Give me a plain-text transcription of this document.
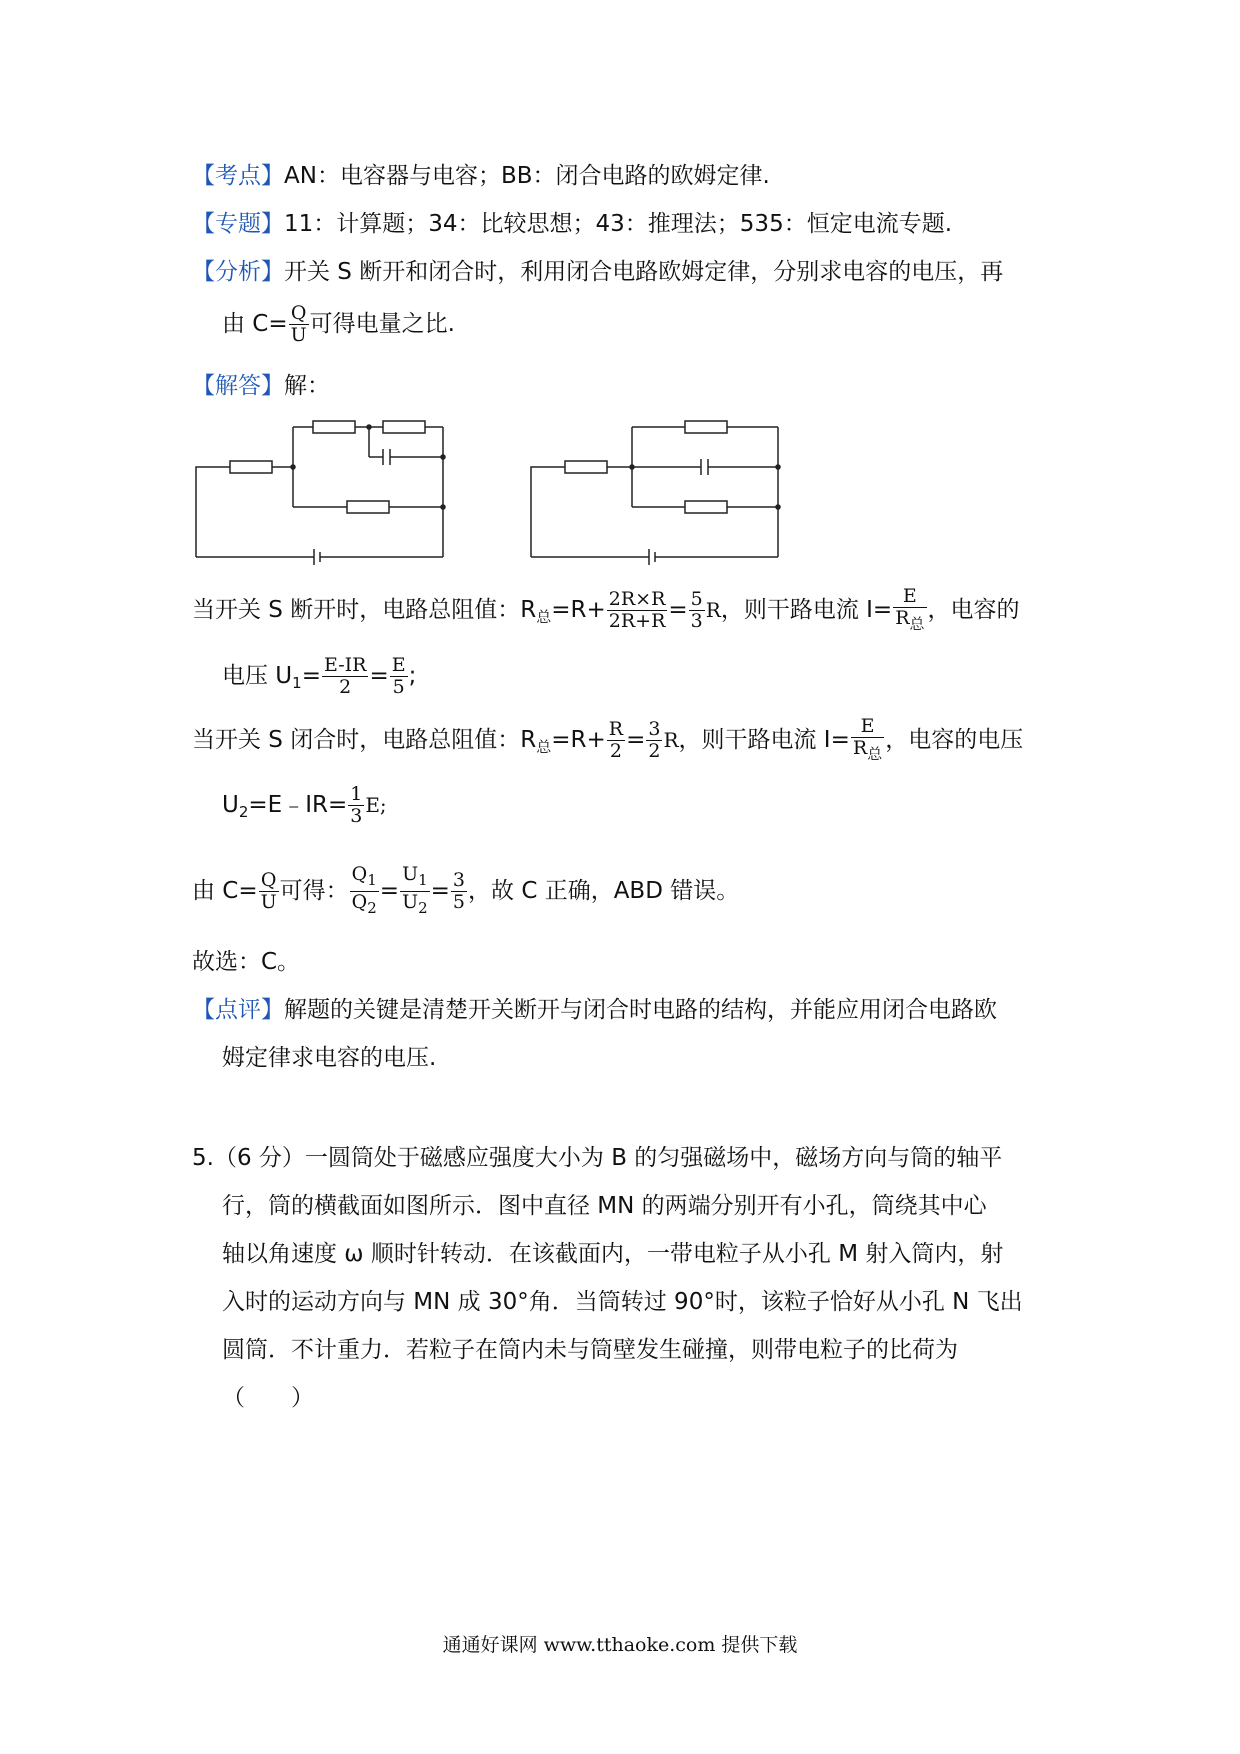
【考点】AN：电容器与电容；BB：闭合电路的欧姆定律.
【专题】11：计算题；34：比较思想；43：推理法；535：恒定电流专题.
【分析】开关 S 断开和闭合时，利用闭合电路欧姆定律，分别求电容的电压，再
由 $C= \frac{Q}{U}$ 可得电量之比.
【解答】解：
当开关 S 断开时，电路总阻值：$R_总=R+ \frac{2R\times R}{2R+R} = \frac{5}{3}$ R，则干路电流 $I= \frac{E}{R_总}$ ，电容的
电压 $U_1= \frac{E-IR}{2} = \frac{E}{5}$ ;
当开关 S 闭合时，电路总阻值：$R_总=R+ \frac{R}{2} = \frac{3}{2}$ R，则干路电流 $I= \frac{E}{R_总}$ ，电容的电压
$U_2=E﹣IR= \frac{1}{3} E$;
由 $C= \frac{Q}{U}$ 可得： $\frac{Q_1}{Q_2} = \frac{U_1}{U_2} = \frac{3}{5}$ ，故 C 正确，ABD 错误。
故选：C。
【点评】解题的关键是清楚开关断开与闭合时电路的结构，并能应用闭合电路欧
姆定律求电容的电压.
5.（6 分）一圆筒处于磁感应强度大小为 B 的匀强磁场中，磁场方向与筒的轴平
行，筒的横截面如图所示．图中直径 MN 的两端分别开有小孔，筒绕其中心
轴以角速度 ω 顺时针转动．在该截面内，一带电粒子从小孔 M 射入筒内，射
入时的运动方向与 MN 成 30°角．当筒转过 90°时，该粒子恰好从小孔 N 飞出
圆筒．不计重力．若粒子在筒内未与筒壁发生碰撞，则带电粒子的比荷为
（　　）
通通好课网 www.tthaoke.com 提供下载
